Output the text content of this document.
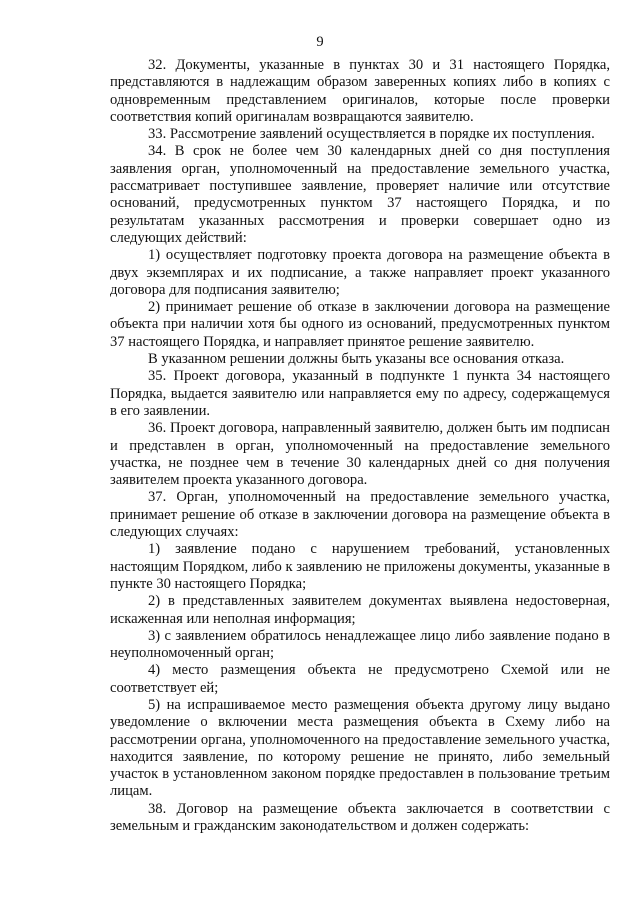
9

32. Документы, указанные в пунктах 30 и 31 настоящего Порядка, представляются в надлежащим образом заверенных копиях либо в копиях с одновременным представлением оригиналов, которые после проверки соответствия копий оригиналам возвращаются заявителю.

33. Рассмотрение заявлений осуществляется в порядке их поступления.

34. В срок не более чем 30 календарных дней со дня поступления заявления орган, уполномоченный на предоставление земельного участка, рассматривает поступившее заявление, проверяет наличие или отсутствие оснований, предусмотренных пунктом 37 настоящего Порядка, и по результатам указанных рассмотрения и проверки совершает одно из следующих действий:

1) осуществляет подготовку проекта договора на размещение объекта в двух экземплярах и их подписание, а также направляет проект указанного договора для подписания заявителю;

2) принимает решение об отказе в заключении договора на размещение объекта при наличии хотя бы одного из оснований, предусмотренных пунктом 37 настоящего Порядка, и направляет принятое решение заявителю.

В указанном решении должны быть указаны все основания отказа.

35. Проект договора, указанный в подпункте 1 пункта 34 настоящего Порядка, выдается заявителю или направляется ему по адресу, содержащемуся в его заявлении.

36. Проект договора, направленный заявителю, должен быть им подписан и представлен в орган, уполномоченный на предоставление земельного участка, не позднее чем в течение 30 календарных дней со дня получения заявителем проекта указанного договора.

37. Орган, уполномоченный на предоставление земельного участка, принимает решение об отказе в заключении договора на размещение объекта в следующих случаях:

1) заявление подано с нарушением требований, установленных настоящим Порядком, либо к заявлению не приложены документы, указанные в пункте 30 настоящего Порядка;

2) в представленных заявителем документах выявлена недостоверная, искаженная или неполная информация;

3) с заявлением обратилось ненадлежащее лицо либо заявление подано в неуполномоченный орган;

4) место размещения объекта не предусмотрено Схемой или не соответствует ей;

5) на испрашиваемое место размещения объекта другому лицу выдано уведомление о включении места размещения объекта в Схему либо на рассмотрении органа, уполномоченного на предоставление земельного участка, находится заявление, по которому решение не принято, либо земельный участок в установленном законом порядке предоставлен в пользование третьим лицам.

38. Договор на размещение объекта заключается в соответствии с земельным и гражданским законодательством и должен содержать:
